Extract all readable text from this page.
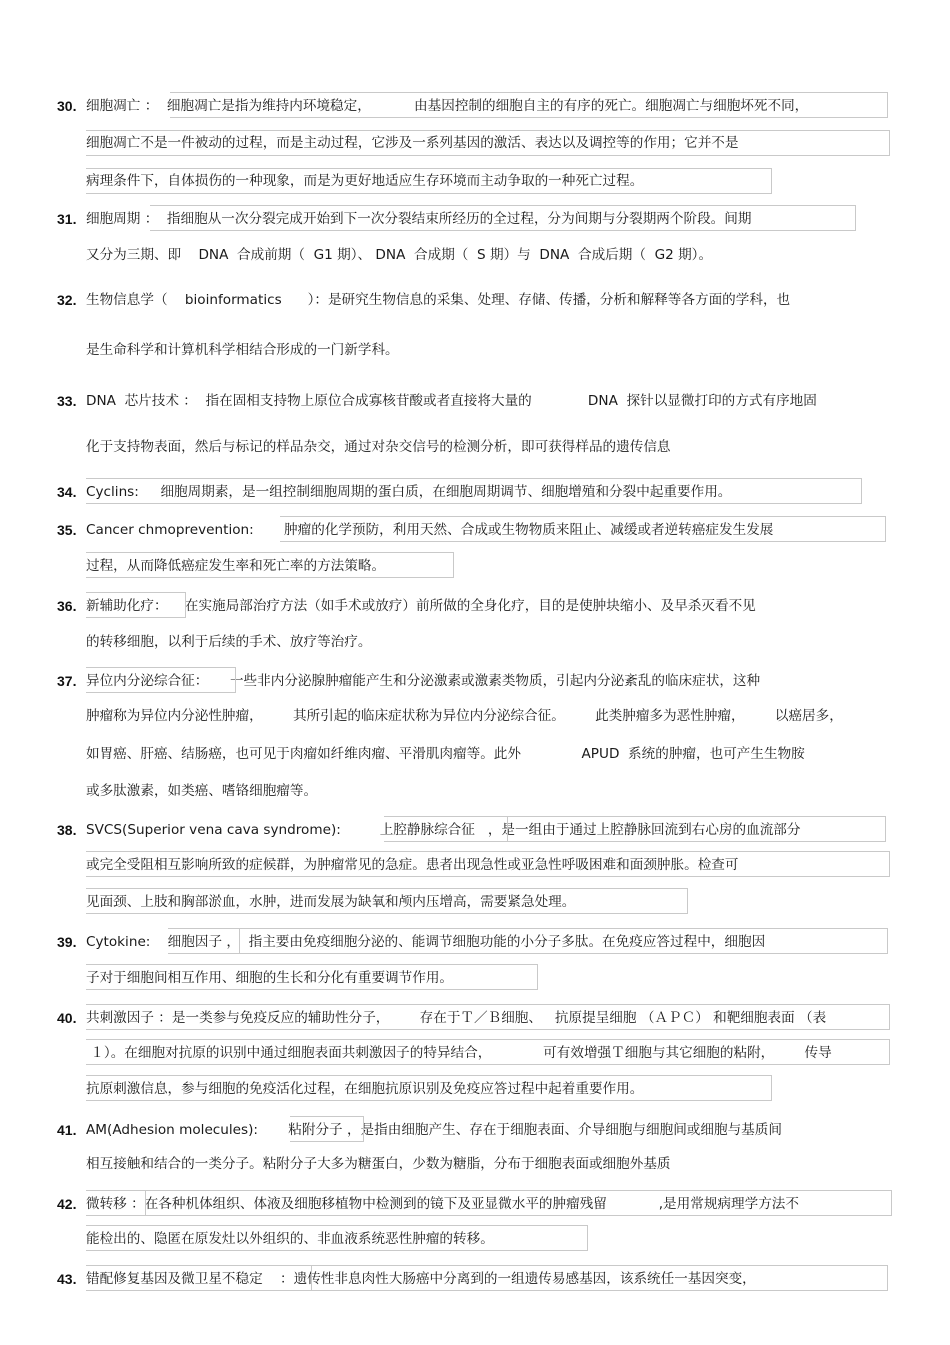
30. 细胞凋亡 ：  细胞凋亡是指为维持内环境稳定，          由基因控制的细胞自主的有序的死亡。细胞凋亡与细胞坏死不同，
细胞凋亡不是一件被动的过程，而是主动过程，它涉及一系列基因的激活、表达以及调控等的作用；它并不是
病理条件下，自体损伤的一种现象，而是为更好地适应生存环境而主动争取的一种死亡过程。
31. 细胞周期 ：  指细胞从一次分裂完成开始到下一次分裂结束所经历的全过程，分为间期与分裂期两个阶段。间期
又分为三期、即    DNA  合成前期（  G1 期）、 DNA  合成期（  S 期）与  DNA  合成后期（  G2 期）。
32. 生物信息学（    bioinformatics      ）：是研究生物信息的采集、处理、存储、传播，分析和解释等各方面的学科，也
是生命科学和计算机科学相结合形成的一门新学科。
33. DNA  芯片技术 ：  指在固相支持物上原位合成寡核苷酸或者直接将大量的             DNA  探针以显微打印的方式有序地固
化于支持物表面，然后与标记的样品杂交，通过对杂交信号的检测分析，即可获得样品的遗传信息
34. Cyclins:     细胞周期素，是一组控制细胞周期的蛋白质，在细胞周期调节、细胞增殖和分裂中起重要作用。
35. Cancer chmoprevention:       肿瘤的化学预防，利用天然、合成或生物物质来阻止、减缓或者逆转癌症发生发展
过程，从而降低癌症发生率和死亡率的方法策略。
36. 新辅助化疗：    在实施局部治疗方法（如手术或放疗）前所做的全身化疗，目的是使肿块缩小、及早杀灭看不见
的转移细胞，以利于后续的手术、放疗等治疗。
37. 异位内分泌综合征：     一些非内分泌腺肿瘤能产生和分泌激素或激素类物质，引起内分泌紊乱的临床症状，这种
肿瘤称为异位内分泌性肿瘤，       其所引起的临床症状称为异位内分泌综合征。       此类肿瘤多为恶性肿瘤，       以癌居多，
如胃癌、肝癌、结肠癌，也可见于肉瘤如纤维肉瘤、平滑肌肉瘤等。此外              APUD  系统的肿瘤，也可产生生物胺
或多肽激素，如类癌、嗜铬细胞瘤等。
38. SVCS(Superior vena cava syndrome):         上腔静脉综合征   ，是一组由于通过上腔静脉回流到右心房的血流部分
或完全受阻相互影响所致的症候群，为肿瘤常见的急症。患者出现急性或亚急性呼吸困难和面颈肿胀。检查可
见面颈、上肢和胸部淤血，水肿，进而发展为缺氧和颅内压增高，需要紧急处理。
39. Cytokine:    细胞因子 ，  指主要由免疫细胞分泌的、能调节细胞功能的小分子多肽。在免疫应答过程中，细胞因
子对于细胞间相互作用、细胞的生长和分化有重要调节作用。
40. 共刺激因子 ：是一类参与免疫反应的辅助性分子，       存在于Ｔ／Ｂ细胞、   抗原提呈细胞 （ＡＰＣ） 和靶细胞表面 （表
１）。在细胞对抗原的识别中通过细胞表面共刺激因子的特异结合，            可有效增强Ｔ细胞与其它细胞的粘附，       传导
抗原刺激信息，参与细胞的免疫活化过程，在细胞抗原识别及免疫应答过程中起着重要作用。
41. AM(Adhesion molecules):       粘附分子 ，是指由细胞产生、存在于细胞表面、介导细胞与细胞间或细胞与基质间
相互接触和结合的一类分子。粘附分子大多为糖蛋白，少数为糖脂，分布于细胞表面或细胞外基质
42. 微转移 ：在各种机体组织、体液及细胞移植物中检测到的镜下及亚显微水平的肿瘤残留            ,是用常规病理学方法不
能检出的、隐匿在原发灶以外组织的、非血液系统恶性肿瘤的转移。
43. 错配修复基因及微卫星不稳定    ：遗传性非息肉性大肠癌中分离到的一组遗传易感基因，该系统任一基因突变，
